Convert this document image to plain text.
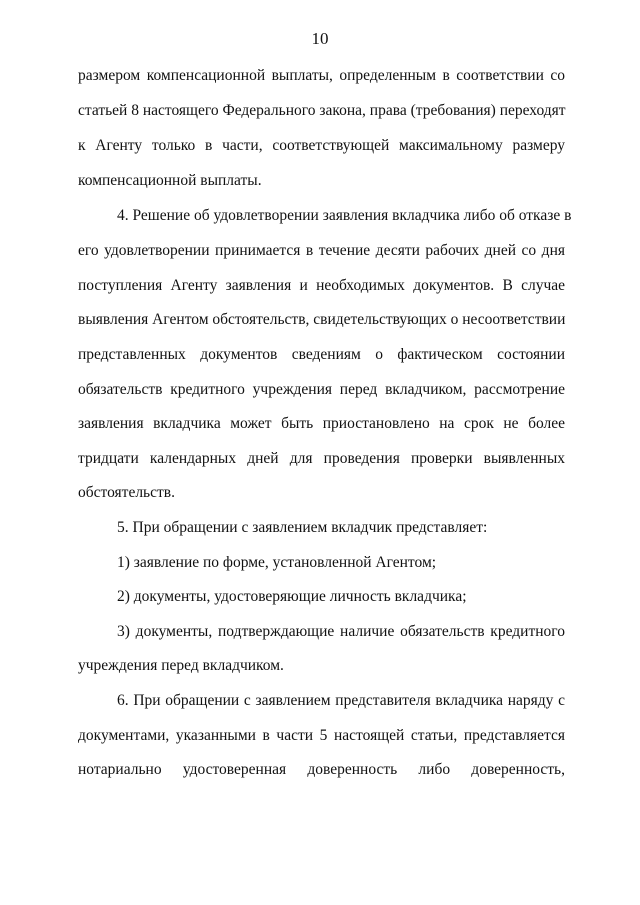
10
размером компенсационной выплаты, определенным в соответствии со
статьей 8 настоящего Федерального закона, права (требования) переходят
к Агенту только в части, соответствующей максимальному размеру
компенсационной выплаты.
4. Решение об удовлетворении заявления вкладчика либо об отказе в
его удовлетворении принимается в течение десяти рабочих дней со дня
поступления Агенту заявления и необходимых документов. В случае
выявления Агентом обстоятельств, свидетельствующих о несоответствии
представленных документов сведениям о фактическом состоянии
обязательств кредитного учреждения перед вкладчиком, рассмотрение
заявления вкладчика может быть приостановлено на срок не более
тридцати календарных дней для проведения проверки выявленных
обстоятельств.
5. При обращении с заявлением вкладчик представляет:
1) заявление по форме, установленной Агентом;
2) документы, удостоверяющие личность вкладчика;
3) документы, подтверждающие наличие обязательств кредитного
учреждения перед вкладчиком.
6. При обращении с заявлением представителя вкладчика наряду с
документами, указанными в части 5 настоящей статьи, представляется
нотариально удостоверенная доверенность либо доверенность,
